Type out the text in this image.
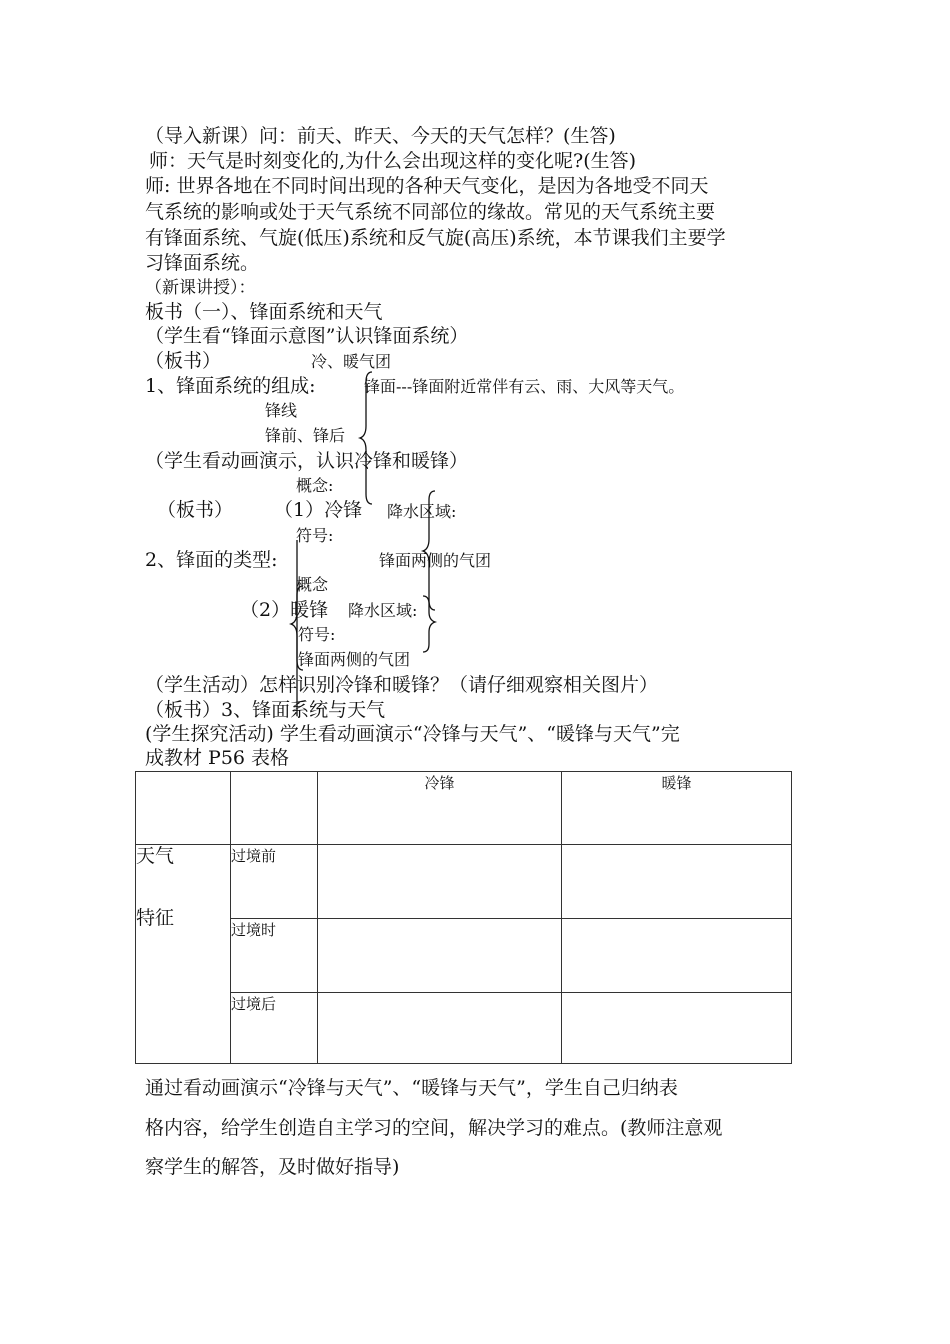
（导入新课）问：前天、昨天、今天的天气怎样？(生答)
师：天气是时刻变化的,为什么会出现这样的变化呢?(生答)
师: 世界各地在不同时间出现的各种天气变化，是因为各地受不同天
气系统的影响或处于天气系统不同部位的缘故。常见的天气系统主要
有锋面系统、气旋(低压)系统和反气旋(高压)系统，本节课我们主要学
习锋面系统。
（新课讲授）：
板书（一）、锋面系统和天气
（学生看“锋面示意图”认识锋面系统）
（板书）	冷、暖气团
1、锋面系统的组成:	锋面---锋面附近常伴有云、雨、大风等天气。
锋线
锋前、锋后
（学生看动画演示，认识冷锋和暖锋）
概念:
（板书） （1）冷锋 降水区域:
符号:
2、锋面的类型:	锋面两侧的气团
概念
（2）暖锋 降水区域:
符号:
锋面两侧的气团
（学生活动）怎样识别冷锋和暖锋？（请仔细观察相关图片）
（板书）3、锋面系统与天气
(学生探究活动) 学生看动画演示“冷锋与天气”、“暖锋与天气”完
成教材 P56 表格
		冷锋	暖锋

天气
特征	过境前		
	过境时		
	过境后		
通过看动画演示“冷锋与天气”、“暖锋与天气”，学生自己归纳表
格内容，给学生创造自主学习的空间，解决学习的难点。(教师注意观
察学生的解答，及时做好指导)
